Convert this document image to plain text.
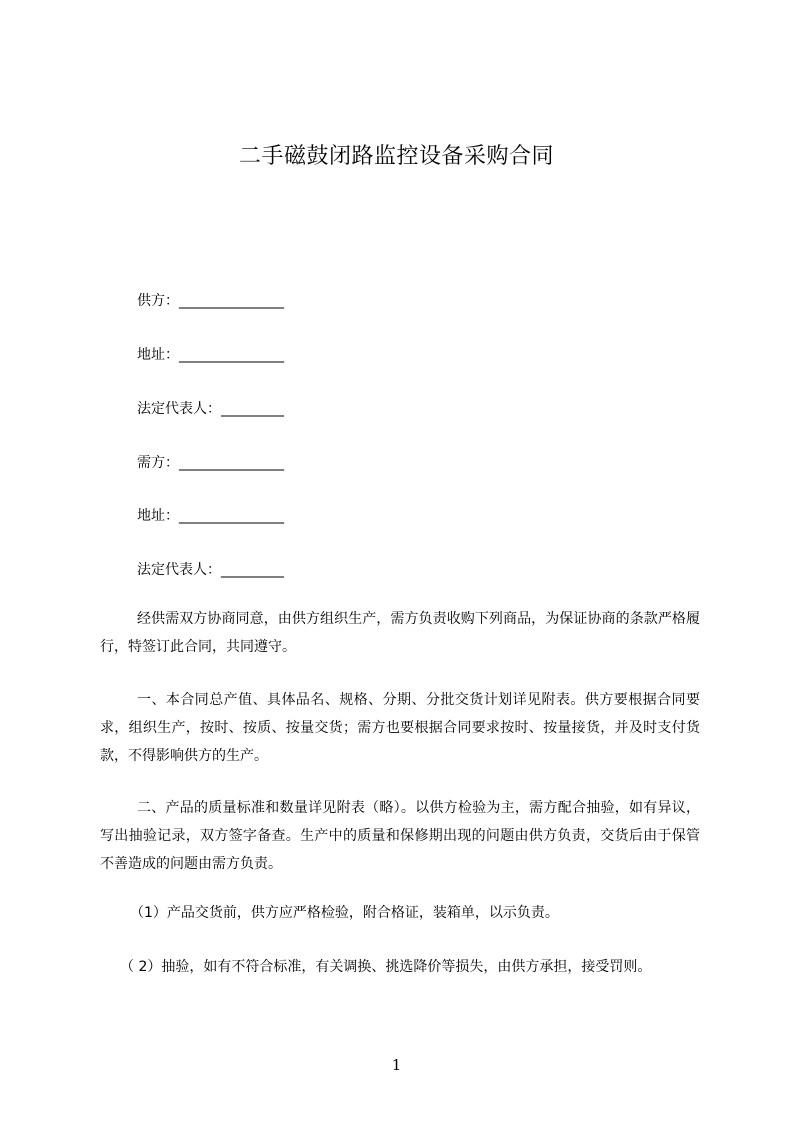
二手磁鼓闭路监控设备采购合同
供方：_______________
地址：_______________
法定代表人：_________
需方：_______________
地址：_______________
法定代表人：_________
经供需双方协商同意，由供方组织生产，需方负责收购下列商品，为保证协商的条款严格履行，特签订此合同，共同遵守。
一、本合同总产值、具体品名、规格、分期、分批交货计划详见附表。供方要根据合同要求，组织生产，按时、按质、按量交货；需方也要根据合同要求按时、按量接货，并及时支付货款，不得影响供方的生产。
二、产品的质量标准和数量详见附表（略）。以供方检验为主，需方配合抽验，如有异议，写出抽验记录，双方签字备查。生产中的质量和保修期出现的问题由供方负责，交货后由于保管不善造成的问题由需方负责。
（1）产品交货前，供方应严格检验，附合格证，装箱单，以示负责。
（ 2）抽验，如有不符合标准，有关调换、挑选降价等损失，由供方承担，接受罚则。
1
